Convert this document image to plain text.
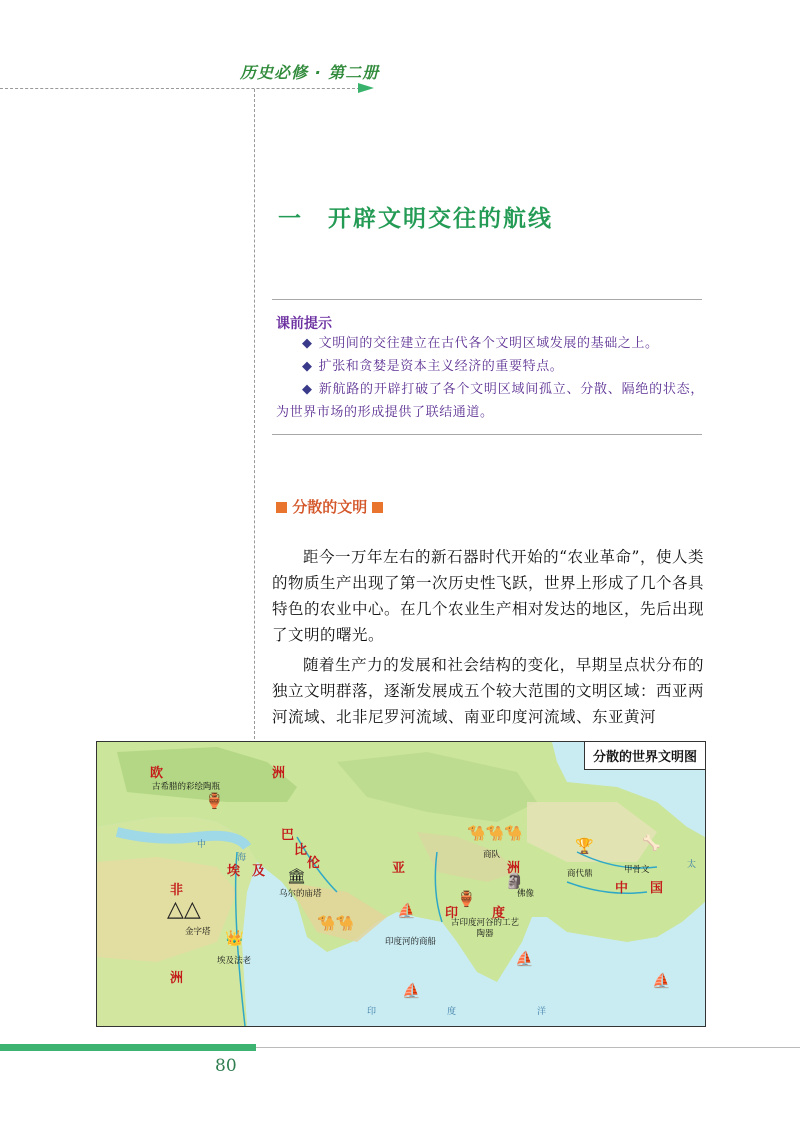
历史必修 · 第二册
一　开辟文明交往的航线
课前提示
◆ 文明间的交往建立在古代各个文明区域发展的基础之上。
◆ 扩张和贪婪是资本主义经济的重要特点。
◆ 新航路的开辟打破了各个文明区域间孤立、分散、隔绝的状态，为世界市场的形成提供了联结通道。
分散的文明

距今一万年左右的新石器时代开始的“农业革命”，使人类的物质生产出现了第一次历史性飞跃，世界上形成了几个各具特色的农业中心。在几个农业生产相对发达的地区，先后出现了文明的曙光。

随着生产力的发展和社会结构的变化，早期呈点状分布的独立文明群落，逐渐发展成五个较大范围的文明区域：西亚两河流域、北非尼罗河流域、南亚印度河流域、东亚黄河

分散的世界文明图
欧	洲
巴
比
伦
埃 及
非
洲
亚	洲
印	度
中 国
中
海
印	度	洋
太
🏺
古希腊的彩绘陶瓶
🏛
乌尔的庙塔
△△
金字塔 👑
埃及法老
🐪🐪
🐪🐪🐪
商队
🗿
佛像
🏆
商代鼎
🦴
甲骨文
⛵
印度河的商船
🏺
古印度河谷的工艺陶器
⛵
⛵
⛵
80
